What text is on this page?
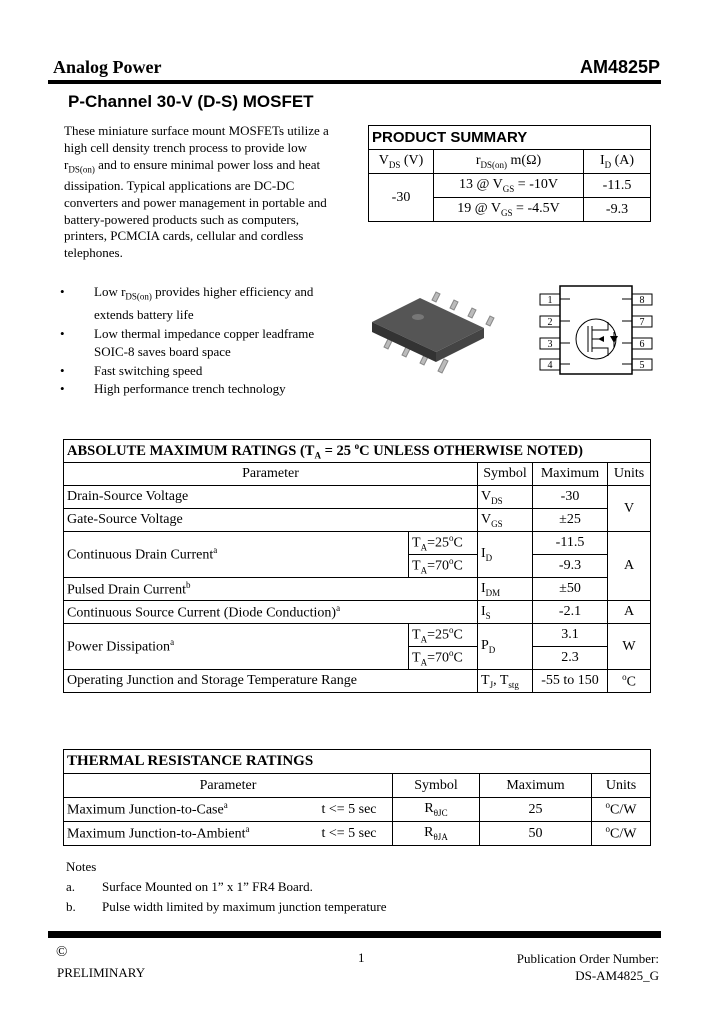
Analog Power	AM4825P
P-Channel 30-V (D-S) MOSFET
These miniature surface mount MOSFETs utilize a
high cell density trench process to provide low
$r_{DS(on)}$ and to ensure minimal power loss and heat
dissipation. Typical applications are DC-DC
converters and power management in portable and
battery-powered products such as computers,
printers, PCMCIA cards, cellular and cordless
telephones.
PRODUCT SUMMARY		
$V_{DS}$ (V)	$r_{DS(on)}$ m(Ω)	$I_D$ (A)
-30	13 @ $V_{GS} = -10V$	-11.5
	19 @ $V_{GS} = -4.5V$	-9.3
• Low $r_{DS(on)}$ provides higher efficiency and
extends battery life
• Low thermal impedance copper leadframe
SOIC-8 saves board space
• Fast switching speed
• High performance trench technology
1
2
3
4
8
7
6
5
ABSOLUTE MAXIMUM RATINGS ($T_A = 25$ $^o$C UNLESS OTHERWISE NOTED)				
Parameter		Symbol	Maximum	Units
Drain-Source Voltage		$V_{DS}$	-30	V
Gate-Source Voltage		$V_{GS}$	±25	
Continuous Drain Current$^a$	$T_A=25^oC$	$I_D$	-11.5	A
	$T_A=70^oC$		-9.3	
Pulsed Drain Current$^b$		$I_{DM}$	±50	
Continuous Source Current (Diode Conduction)$^a$		$I_S$	-2.1	A
Power Dissipation$^a$	$T_A=25^oC$	$P_D$	3.1	W
	$T_A=70^oC$		2.3	
Operating Junction and Storage Temperature Range		$T_J$, $T_{stg}$	-55 to 150	$^o$C
THERMAL RESISTANCE RATINGS				
Parameter		Symbol	Maximum	Units
Maximum Junction-to-Case$^a$	t <= 5 sec	$R_{\theta JC}$	25	$^o$C/W
Maximum Junction-to-Ambient$^a$	t <= 5 sec	$R_{\theta JA}$	50	$^o$C/W
Notes
a. Surface Mounted on 1” x 1” FR4 Board.
b. Pulse width limited by maximum junction temperature
©
PRELIMINARY
1	Publication Order Number:
DS-AM4825_G
